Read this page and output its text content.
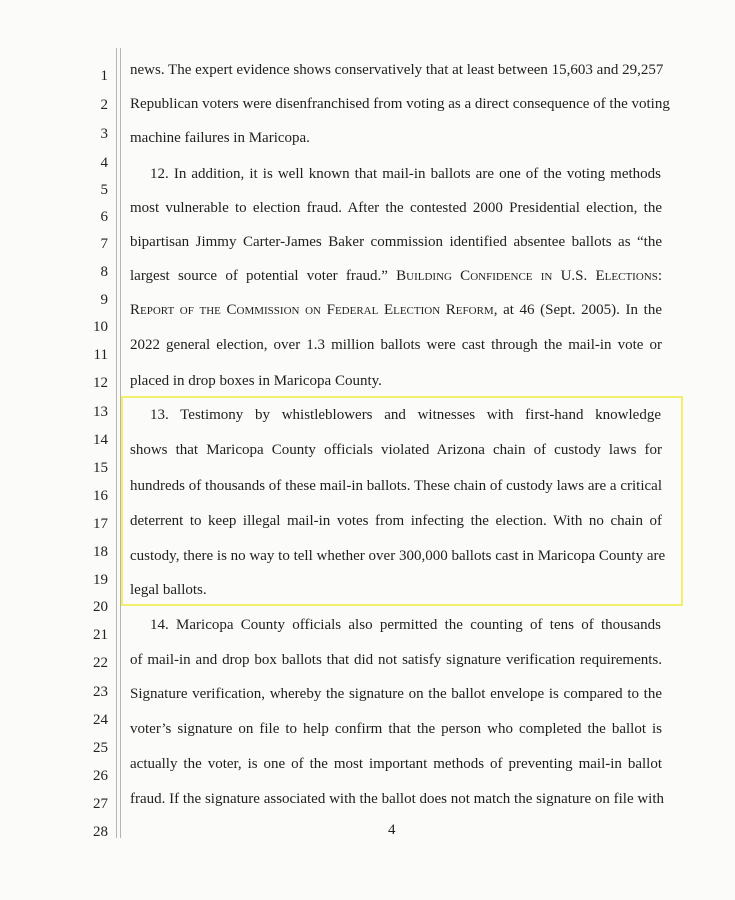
1
2
3
4
5
6
7
8
9
10
11
12
13
14
15
16
17
18
19
20
21
22
23
24
25
26
27
28
news. The expert evidence shows conservatively that at least between 15,603 and 29,257
Republican voters were disenfranchised from voting as a direct consequence of the voting
machine failures in Maricopa.
12. In addition, it is well known that mail-in ballots are one of the voting methods
most vulnerable to election fraud. After the contested 2000 Presidential election, the
bipartisan Jimmy Carter-James Baker commission identified absentee ballots as “the
largest source of potential voter fraud.” Building Confidence in U.S. Elections:
Report of the Commission on Federal Election Reform, at 46 (Sept. 2005). In the
2022 general election, over 1.3 million ballots were cast through the mail-in vote or
placed in drop boxes in Maricopa County.
13. Testimony by whistleblowers and witnesses with first-hand knowledge
shows that Maricopa County officials violated Arizona chain of custody laws for
hundreds of thousands of these mail-in ballots. These chain of custody laws are a critical
deterrent to keep illegal mail-in votes from infecting the election. With no chain of
custody, there is no way to tell whether over 300,000 ballots cast in Maricopa County are
legal ballots.
14. Maricopa County officials also permitted the counting of tens of thousands
of mail-in and drop box ballots that did not satisfy signature verification requirements.
Signature verification, whereby the signature on the ballot envelope is compared to the
voter’s signature on file to help confirm that the person who completed the ballot is
actually the voter, is one of the most important methods of preventing mail-in ballot
fraud. If the signature associated with the ballot does not match the signature on file with
4
